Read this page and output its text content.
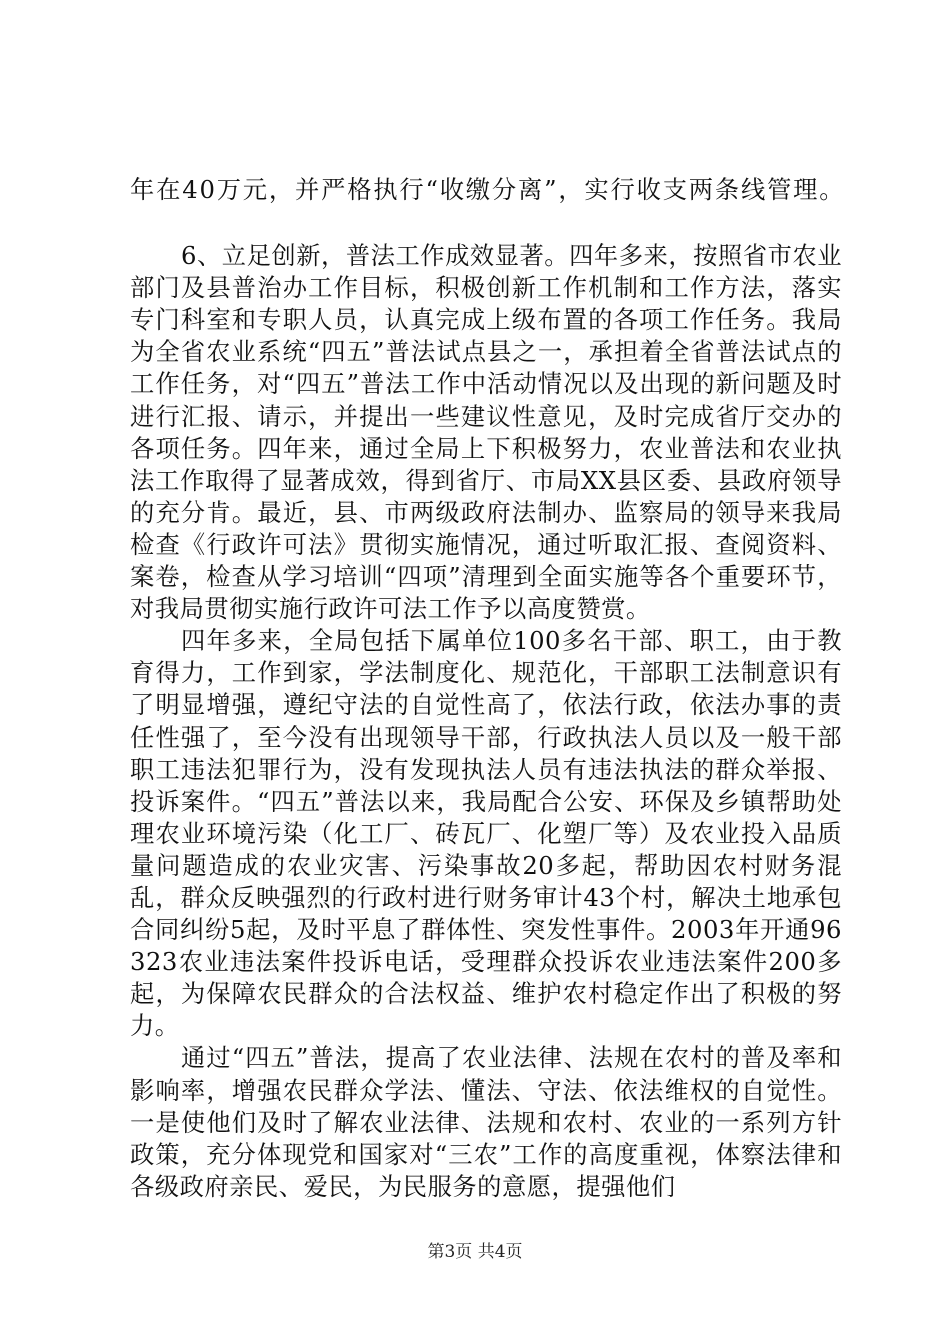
年在40万元，并严格执行“收缴分离”，实行收支两条线管理。

6、立足创新，普法工作成效显著。四年多来，按照省市农业部门及县普治办工作目标，积极创新工作机制和工作方法，落实专门科室和专职人员，认真完成上级布置的各项工作任务。我局为全省农业系统“四五”普法试点县之一，承担着全省普法试点的工作任务，对“四五”普法工作中活动情况以及出现的新问题及时进行汇报、请示，并提出一些建议性意见，及时完成省厅交办的各项任务。四年来，通过全局上下积极努力，农业普法和农业执法工作取得了显著成效，得到省厅、市局XX县区委、县政府领导的充分肯。最近，县、市两级政府法制办、监察局的领导来我局检查《行政许可法》贯彻实施情况，通过听取汇报、查阅资料、案卷，检查从学习培训“四项”清理到全面实施等各个重要环节，对我局贯彻实施行政许可法工作予以高度赞赏。

四年多来，全局包括下属单位100多名干部、职工，由于教育得力，工作到家，学法制度化、规范化，干部职工法制意识有了明显增强，遵纪守法的自觉性高了，依法行政，依法办事的责任性强了，至今没有出现领导干部，行政执法人员以及一般干部职工违法犯罪行为，没有发现执法人员有违法执法的群众举报、投诉案件。“四五”普法以来，我局配合公安、环保及乡镇帮助处理农业环境污染（化工厂、砖瓦厂、化塑厂等）及农业投入品质量问题造成的农业灾害、污染事故20多起，帮助因农村财务混乱，群众反映强烈的行政村进行财务审计43个村，解决土地承包合同纠纷5起，及时平息了群体性、突发性事件。2003年开通96323农业违法案件投诉电话，受理群众投诉农业违法案件200多起，为保障农民群众的合法权益、维护农村稳定作出了积极的努力。

通过“四五”普法，提高了农业法律、法规在农村的普及率和影响率，增强农民群众学法、懂法、守法、依法维权的自觉性。一是使他们及时了解农业法律、法规和农村、农业的一系列方针政策，充分体现党和国家对“三农”工作的高度重视，体察法律和各级政府亲民、爱民，为民服务的意愿，提强他们

第3页 共4页
